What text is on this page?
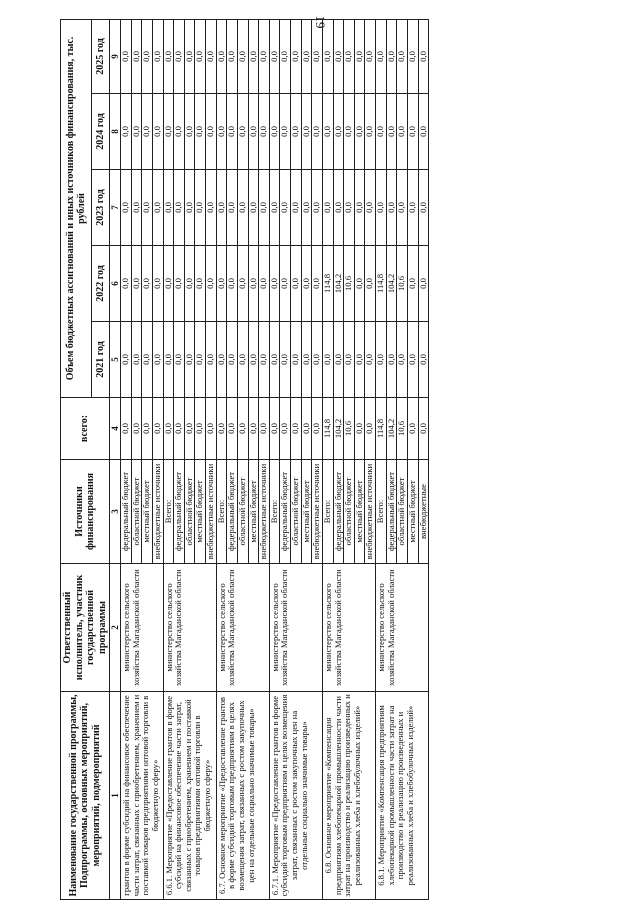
19
Наименование государственной программы, Подпрограммы, основных мероприятий, мероприятий, подмероприятий	Ответственный исполнитель, участник государственной программы	Источники финансирования	всего:	Объем бюджетных ассигнований и иных источников финансирования, тыс. рублей				
				2021 год	2022 год	2023 год	2024 год	2025 год
1	2	3	4	5	6	7	8	9
грантов в форме субсидий на финансовое обеспечение части затрат, связанных с приобретением, хранением и поставкой товаров предприятиями оптовой торговли в бюджетную сферу»	министерство сельского хозяйства Магаданской области	федеральный бюджет	0,0	0,0	0,0	0,0	0,0	0,0
		областной бюджет	0,0	0,0	0,0	0,0	0,0	0,0
		местный бюджет	0,0	0,0	0,0	0,0	0,0	0,0
		внебюджетные источники	0,0	0,0	0,0	0,0	0,0	0,0
6.6.1. Мероприятие «Предоставление грантов в форме субсидий на финансовое обеспечение части затрат, связанных с приобретением, хранением и поставкой товаров предприятиями оптовой торговли в бюджетную сферу»	министерство сельского хозяйства Магаданской области	Всего:	0,0	0,0	0,0	0,0	0,0	0,0
		федеральный бюджет	0,0	0,0	0,0	0,0	0,0	0,0
		областной бюджет	0,0	0,0	0,0	0,0	0,0	0,0
		местный бюджет	0,0	0,0	0,0	0,0	0,0	0,0
		внебюджетные источники	0,0	0,0	0,0	0,0	0,0	0,0
6.7. Основное мероприятие «Предоставление грантов в форме субсидий торговым предприятиям в целях возмещения затрат, связанных с ростом закупочных цен на отдельные социально значимые товары»	министерство сельского хозяйства Магаданской области	Всего:	0,0	0,0	0,0	0,0	0,0	0,0
		федеральный бюджет	0,0	0,0	0,0	0,0	0,0	0,0
		областной бюджет	0,0	0,0	0,0	0,0	0,0	0,0
		местный бюджет	0,0	0,0	0,0	0,0	0,0	0,0
		внебюджетные источники	0,0	0,0	0,0	0,0	0,0	0,0
6.7.1. Мероприятие «Предоставление грантов в форме субсидий торговым предприятиям в целях возмещения затрат, связанных с ростом закупочных цен на отдельные социально значимые товары»	министерство сельского хозяйства Магаданской области	Всего:	0,0	0,0	0,0	0,0	0,0	0,0
		федеральный бюджет	0,0	0,0	0,0	0,0	0,0	0,0
		областной бюджет	0,0	0,0	0,0	0,0	0,0	0,0
		местный бюджет	0,0	0,0	0,0	0,0	0,0	0,0
		внебюджетные источники	0,0	0,0	0,0	0,0	0,0	0,0
6.8. Основное мероприятие «Компенсация предприятиям хлебопекарной промышленности части затрат на производство и реализацию произведенных и реализованных хлеба и хлебобулочных изделий»	министерство сельского хозяйства Магаданской области	Всего:	114,8	0,0	114,8	0,0	0,0	0,0
		федеральный бюджет	104,2	0,0	104,2	0,0	0,0	0,0
		областной бюджет	10,6	0,0	10,6	0,0	0,0	0,0
		местный бюджет	0,0	0,0	0,0	0,0	0,0	0,0
		внебюджетные источники	0,0	0,0	0,0	0,0	0,0	0,0
6.8.1. Мероприятие «Компенсация предприятиям хлебопекарной промышленности части затрат на производство и реализацию произведенных и реализованных хлеба и хлебобулочных изделий»	министерство сельского хозяйства Магаданской области	Всего:	114,8	0,0	114,8	0,0	0,0	0,0
		федеральный бюджет	104,2	0,0	104,2	0,0	0,0	0,0
		областной бюджет	10,6	0,0	10,6	0,0	0,0	0,0
		местный бюджет	0,0	0,0	0,0	0,0	0,0	0,0
		внебюджетные	0,0	0,0	0,0	0,0	0,0	0,0
